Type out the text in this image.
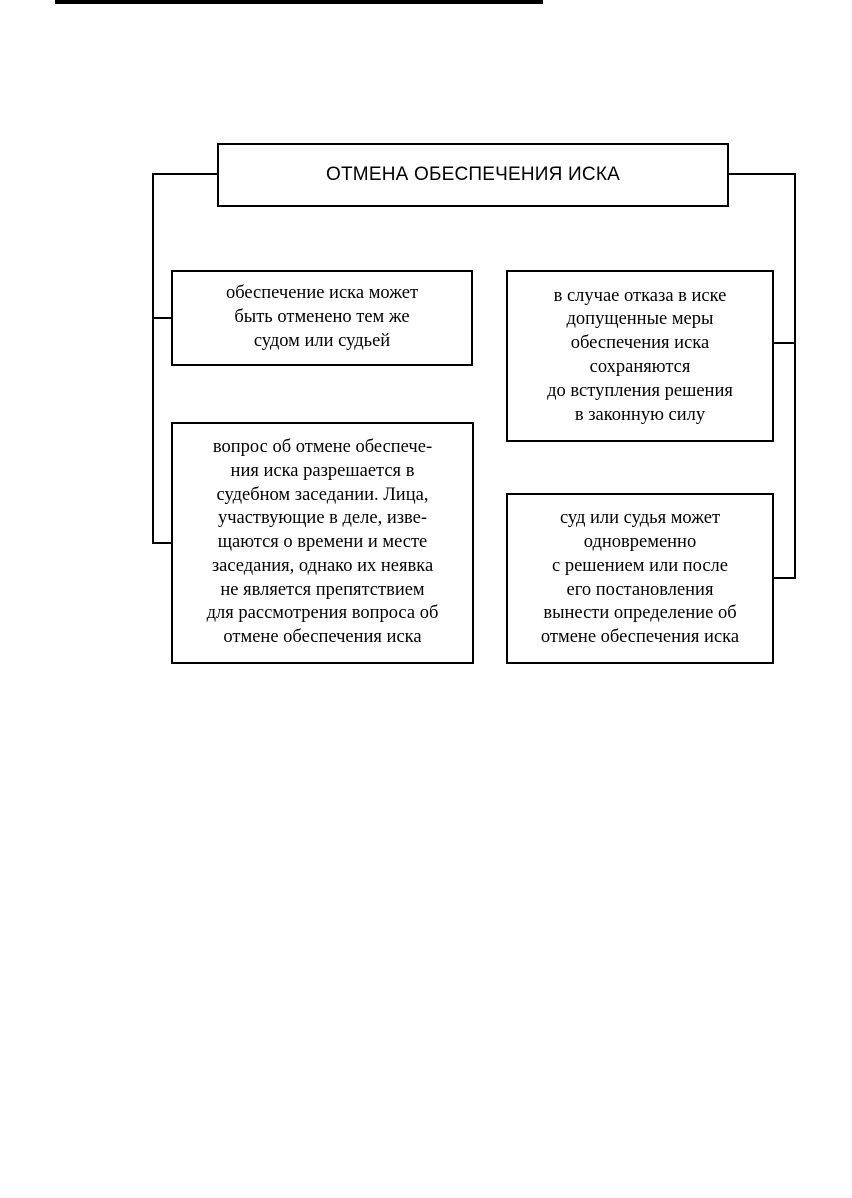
ОТМЕНА ОБЕСПЕЧЕНИЯ ИСКА
обеспечение иска может
быть отменено тем же
судом или судьей
вопрос об отмене обеспече-
ния иска разрешается в
судебном заседании. Лица,
участвующие в деле, изве-
щаются о времени и месте
заседания, однако их неявка
не является препятствием
для рассмотрения вопроса об
отмене обеспечения иска
в случае отказа в иске
допущенные меры
обеспечения иска
сохраняются
до вступления решения
в законную силу
суд или судья может
одновременно
с решением или после
его постановления
вынести определение об
отмене обеспечения иска
